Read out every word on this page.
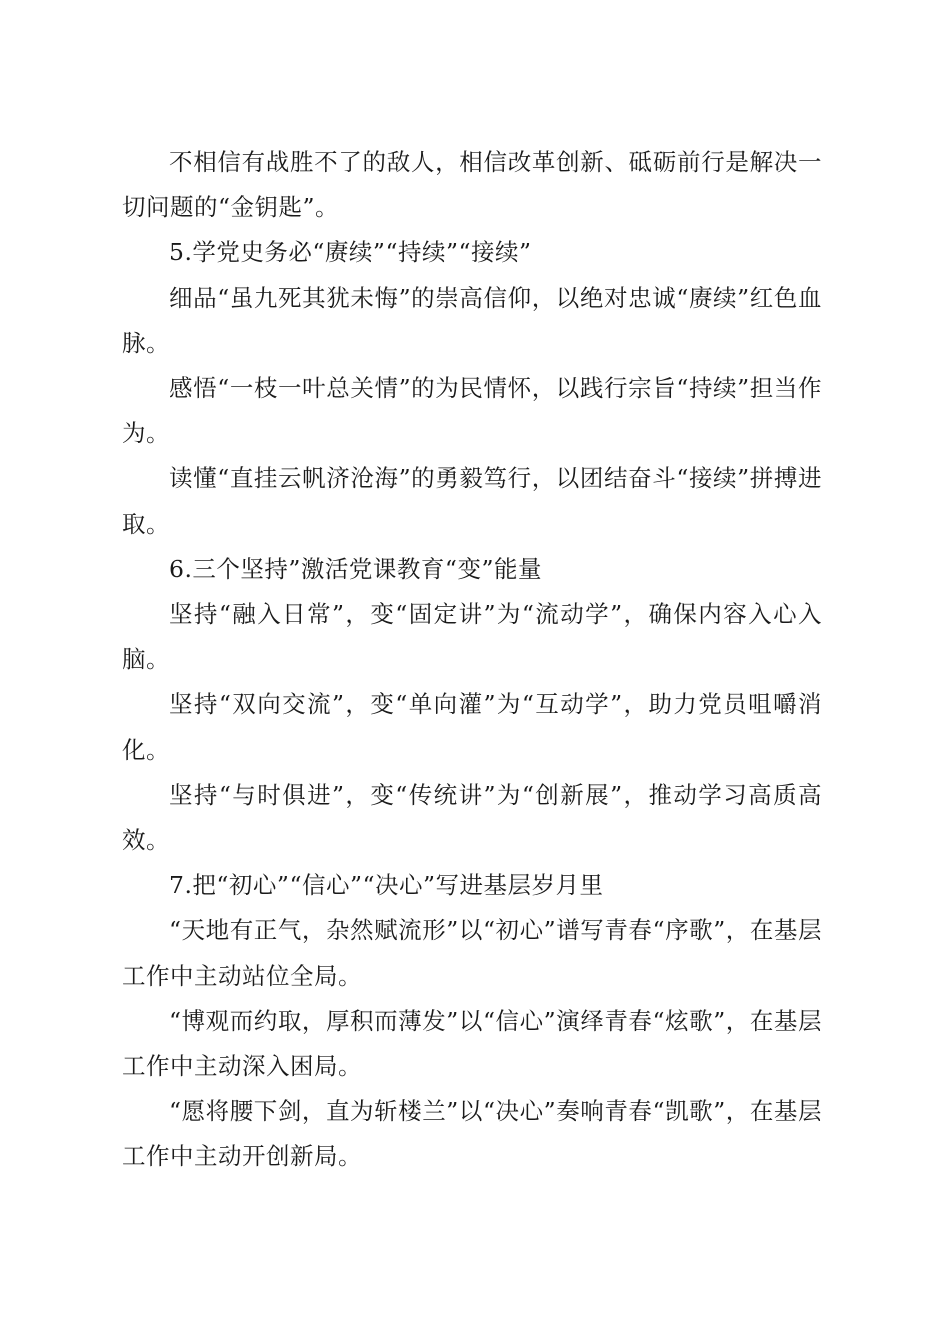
不相信有战胜不了的敌人，相信改革创新、砥砺前行是解决一切问题的“金钥匙”。

5.学党史务必“赓续”“持续”“接续”

细品“虽九死其犹未悔”的崇高信仰，以绝对忠诚“赓续”红色血脉。

感悟“一枝一叶总关情”的为民情怀，以践行宗旨“持续”担当作为。

读懂“直挂云帆济沧海”的勇毅笃行，以团结奋斗“接续”拼搏进取。

6.三个坚持”激活党课教育“变”能量

坚持“融入日常”，变“固定讲”为“流动学”，确保内容入心入脑。

坚持“双向交流”，变“单向灌”为“互动学”，助力党员咀嚼消化。

坚持“与时俱进”，变“传统讲”为“创新展”，推动学习高质高效。

7.把“初心”“信心”“决心”写进基层岁月里

“天地有正气，杂然赋流形”以“初心”谱写青春“序歌”，在基层工作中主动站位全局。

“博观而约取，厚积而薄发”以“信心”演绎青春“炫歌”，在基层工作中主动深入困局。

“愿将腰下剑，直为斩楼兰”以“决心”奏响青春“凯歌”，在基层工作中主动开创新局。
